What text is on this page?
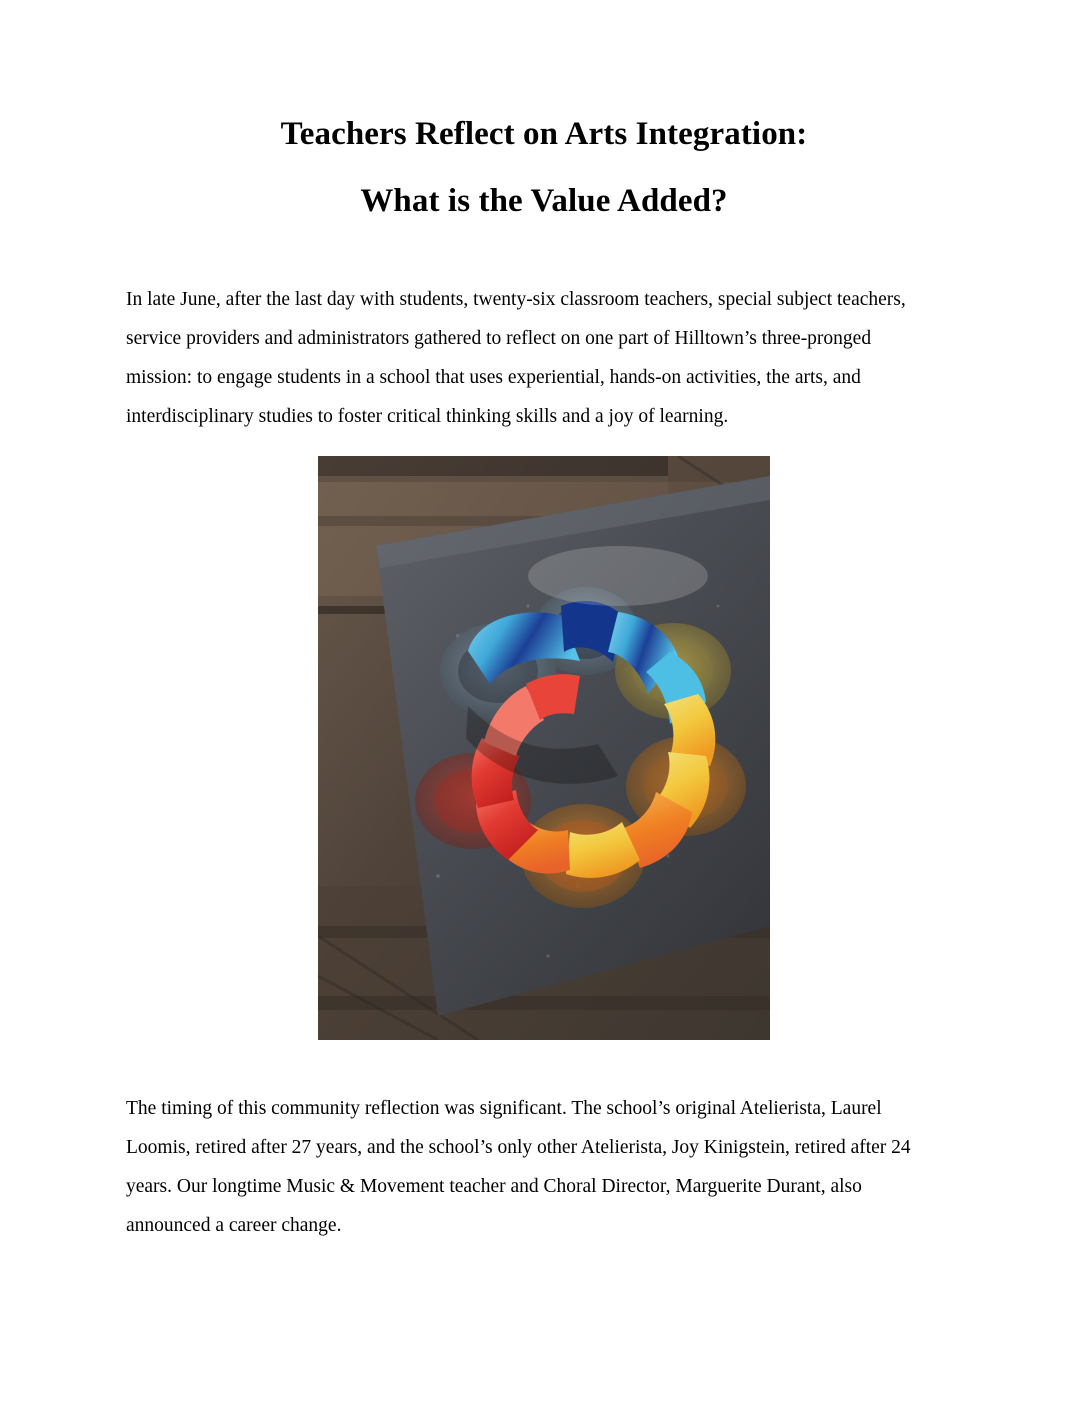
Teachers Reflect on Arts Integration:
What is the Value Added?

In late June, after the last day with students, twenty-six classroom teachers, special subject teachers, service providers and administrators gathered to reflect on one part of Hilltown’s three-pronged mission: to engage students in a school that uses experiential, hands-on activities, the arts, and interdisciplinary studies to foster critical thinking skills and a joy of learning.

The timing of this community reflection was significant. The school’s original Atelierista, Laurel Loomis, retired after 27 years, and the school’s only other Atelierista, Joy Kinigstein, retired after 24 years. Our longtime Music & Movement teacher and Choral Director, Marguerite Durant, also announced a career change.
